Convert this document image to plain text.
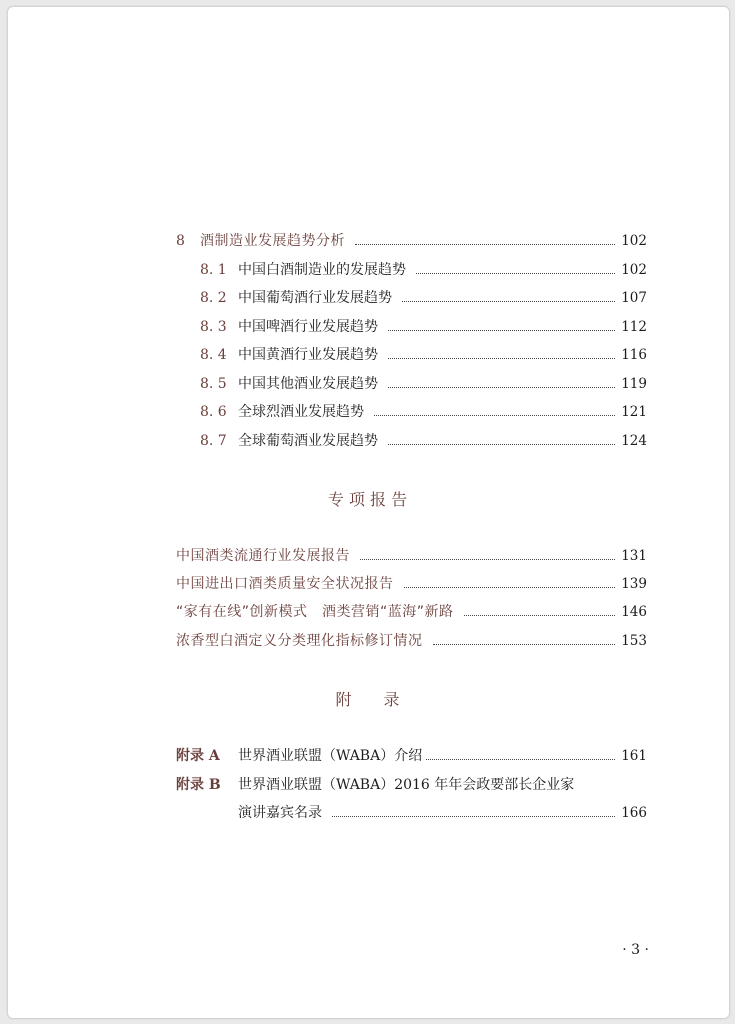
8	酒制造业发展趋势分析	102
8. 1 中国白酒制造业的发展趋势	102
8. 2 中国葡萄酒行业发展趋势	107
8. 3 中国啤酒行业发展趋势	112
8. 4 中国黄酒行业发展趋势	116
8. 5 中国其他酒业发展趋势	119
8. 6 全球烈酒业发展趋势	121
8. 7 全球葡萄酒业发展趋势	124
专 项 报 告
中国酒类流通行业发展报告	131
中国进出口酒类质量安全状况报告	139
“家有在线”创新模式　酒类营销“蓝海”新路	146
浓香型白酒定义分类理化指标修订情况	153
附　　录
附录 A	世界酒业联盟（WABA）介绍	161
附录 B	世界酒业联盟（WABA）2016 年年会政要部长企业家
演讲嘉宾名录	166
· 3 ·
